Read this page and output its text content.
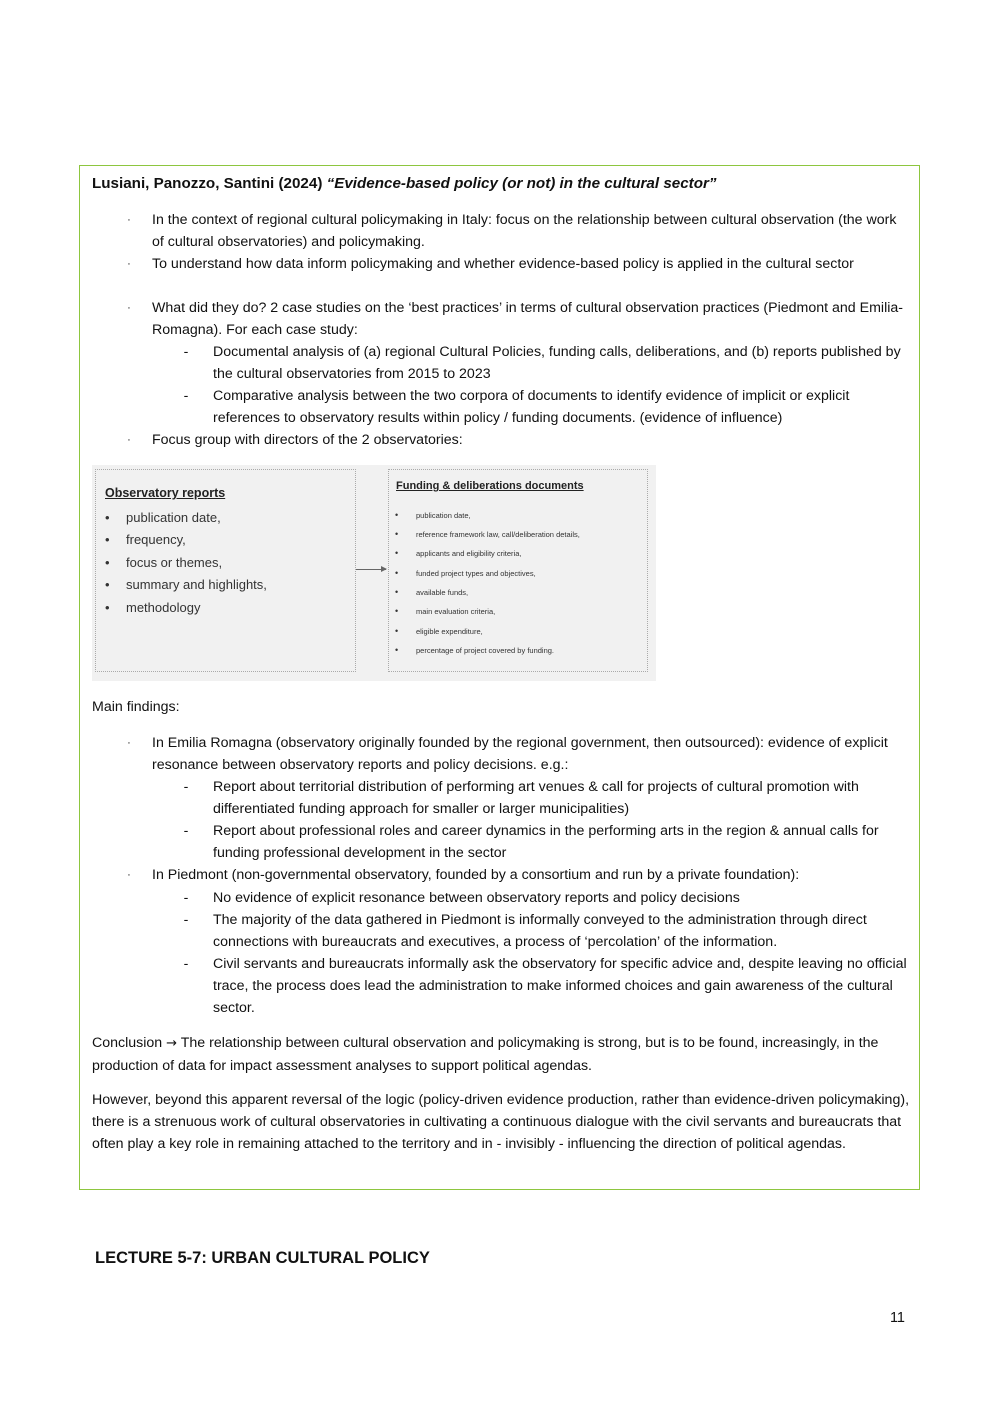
Lusiani, Panozzo, Santini (2024) “Evidence-based policy (or not) in the cultural sector”
· In the context of regional cultural policymaking in Italy: focus on the relationship between cultural observation (the work of cultural observatories) and policymaking.
· To understand how data inform policymaking and whether evidence-based policy is applied in the cultural sector
· What did they do? 2 case studies on the ‘best practices’ in terms of cultural observation practices (Piedmont and Emilia-Romagna). For each case study:
- Documental analysis of (a) regional Cultural Policies, funding calls, deliberations, and (b) reports published by the cultural observatories from 2015 to 2023
- Comparative analysis between the two corpora of documents to identify evidence of implicit or explicit references to observatory results within policy / funding documents. (evidence of influence)
· Focus group with directors of the 2 observatories:
Observatory reports
• publication date,
• frequency,
• focus or themes,
• summary and highlights,
• methodology
Funding & deliberations documents
• publication date,
• reference framework law, call/deliberation details,
• applicants and eligibility criteria,
• funded project types and objectives,
• available funds,
• main evaluation criteria,
• eligible expenditure,
• percentage of project covered by funding.
Main findings:
· In Emilia Romagna (observatory originally founded by the regional government, then outsourced): evidence of explicit resonance between observatory reports and policy decisions. e.g.:
- Report about territorial distribution of performing art venues & call for projects of cultural promotion with differentiated funding approach for smaller or larger municipalities)
- Report about professional roles and career dynamics in the performing arts in the region & annual calls for funding professional development in the sector
· In Piedmont (non-governmental observatory, founded by a consortium and run by a private foundation):
- No evidence of explicit resonance between observatory reports and policy decisions
- The majority of the data gathered in Piedmont is informally conveyed to the administration through direct connections with bureaucrats and executives, a process of ‘percolation’ of the information.
- Civil servants and bureaucrats informally ask the observatory for specific advice and, despite leaving no official trace, the process does lead the administration to make informed choices and gain awareness of the cultural sector.
Conclusion → The relationship between cultural observation and policymaking is strong, but is to be found, increasingly, in the production of data for impact assessment analyses to support political agendas.
However, beyond this apparent reversal of the logic (policy-driven evidence production, rather than evidence-driven policymaking), there is a strenuous work of cultural observatories in cultivating a continuous dialogue with the civil servants and bureaucrats that often play a key role in remaining attached to the territory and in - invisibly - influencing the direction of political agendas.
LECTURE 5-7: URBAN CULTURAL POLICY
11
